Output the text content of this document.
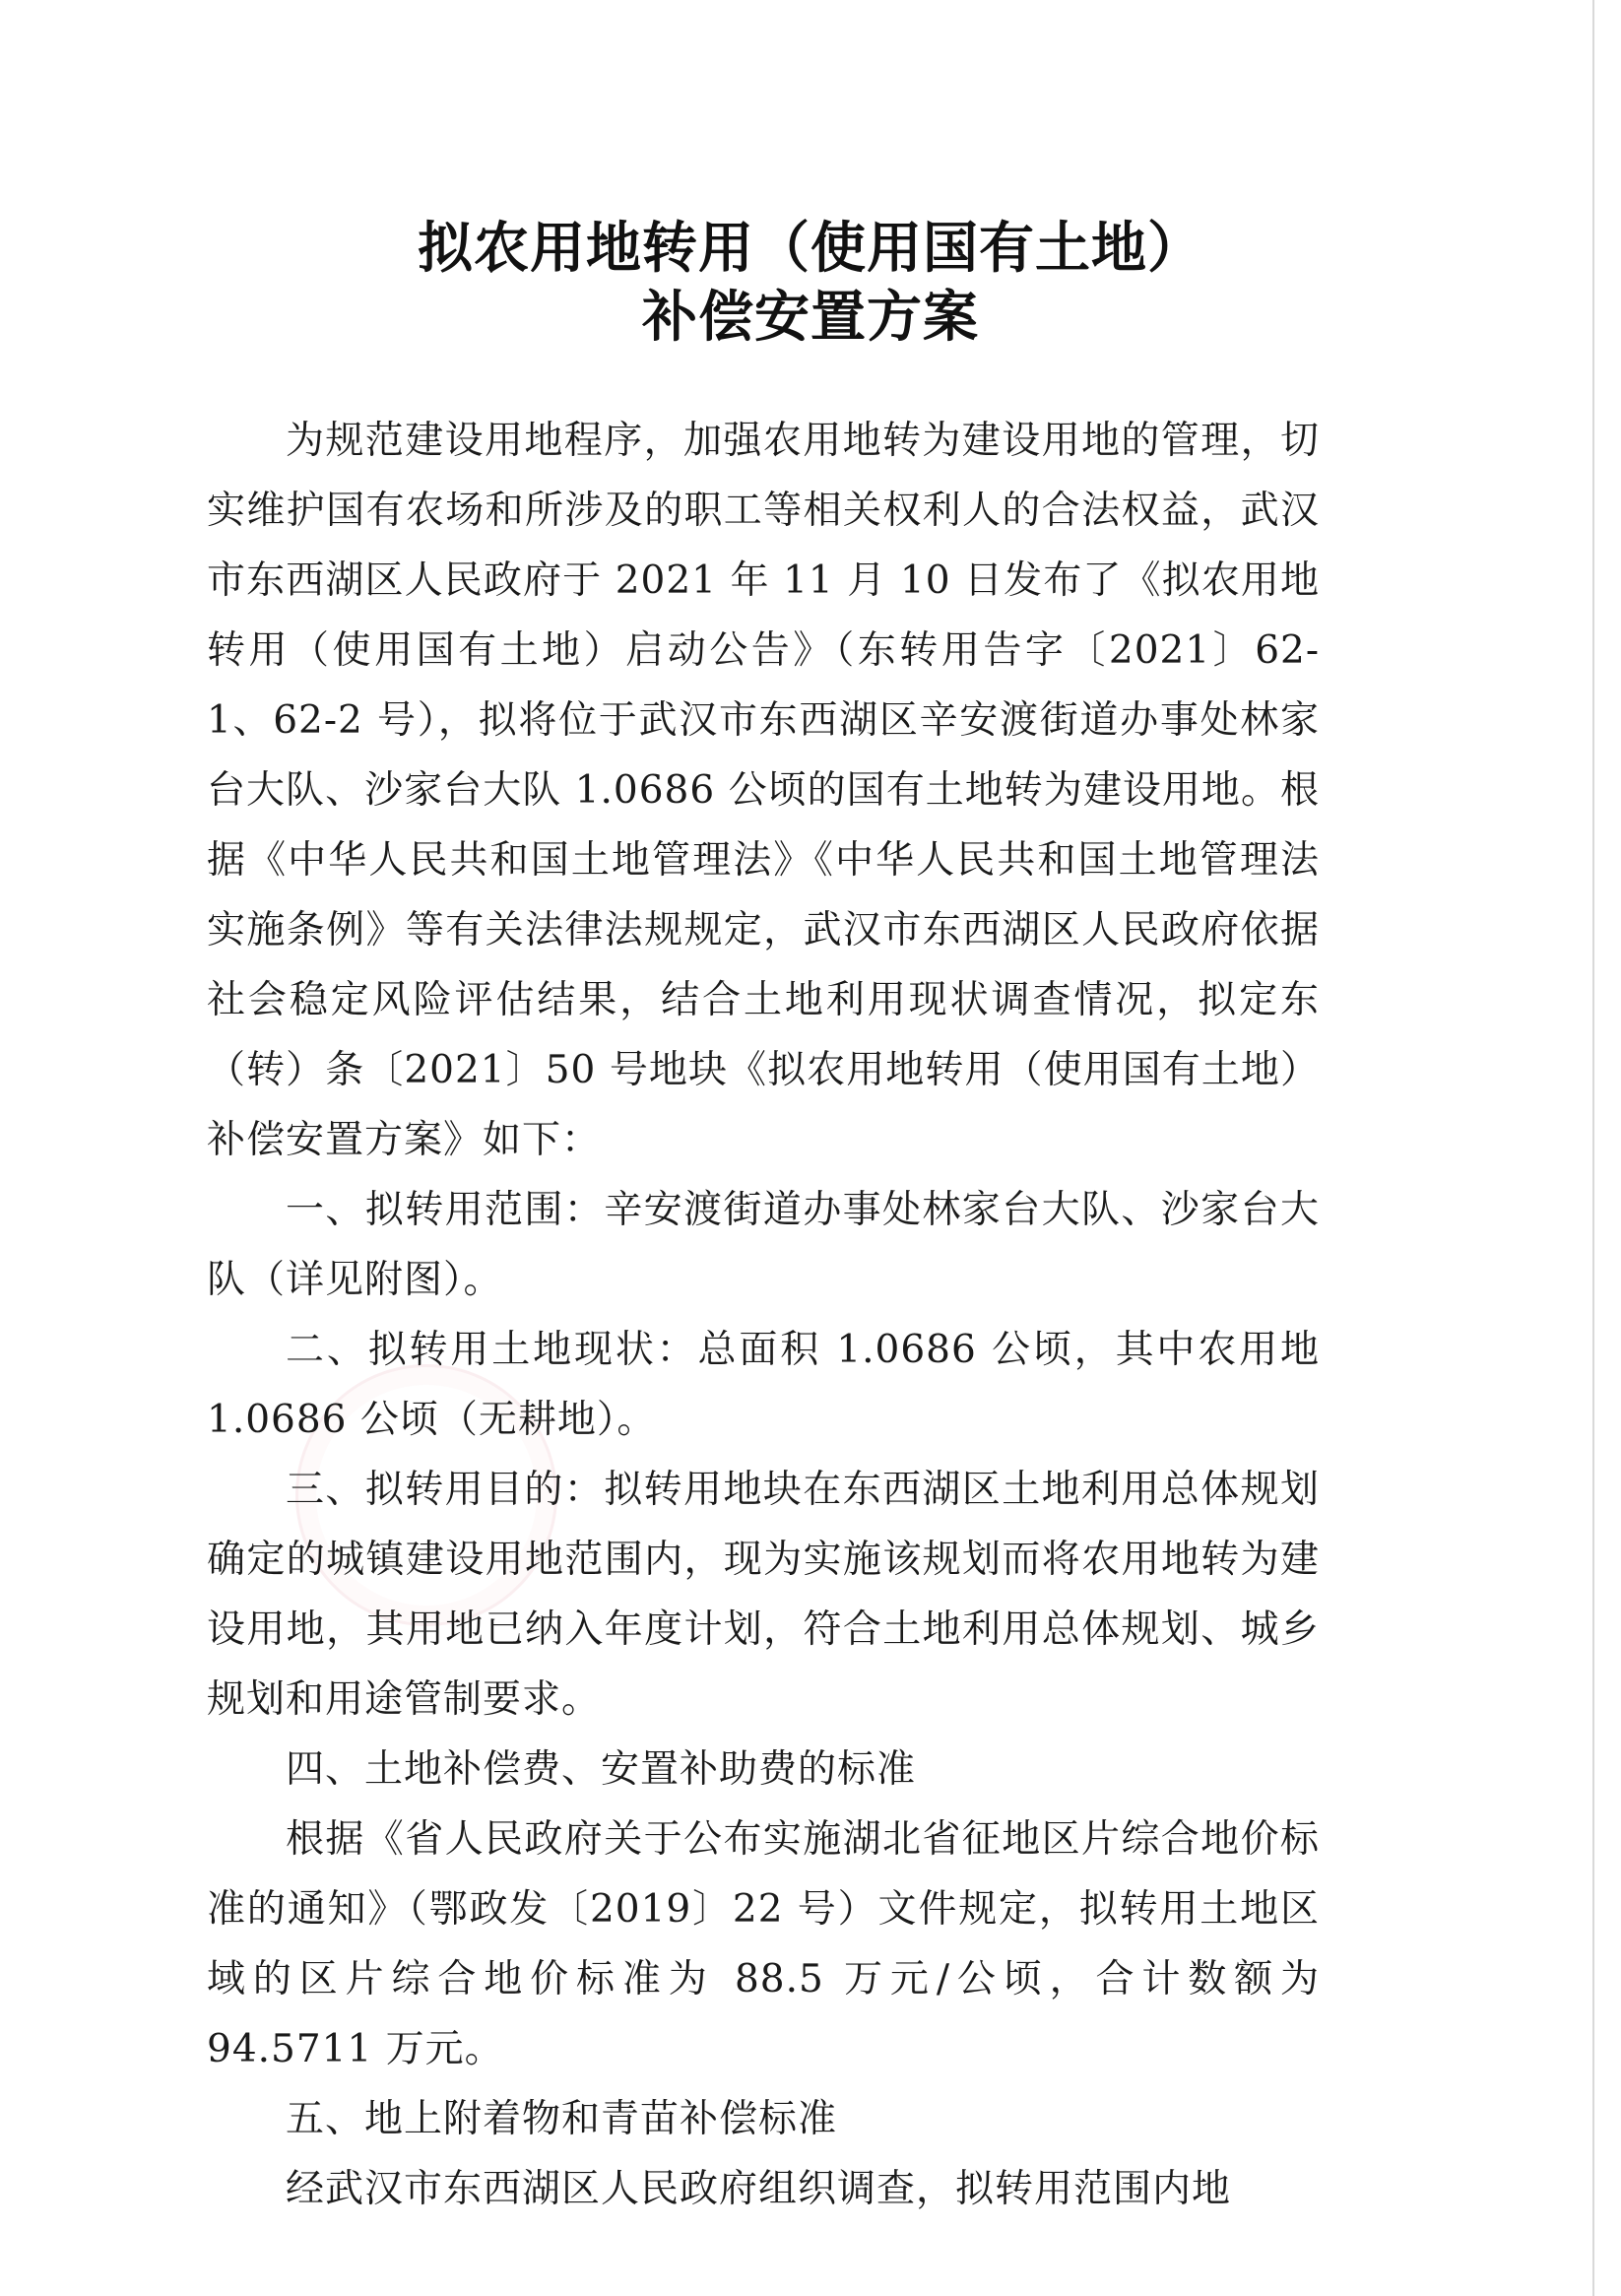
拟农用地转用（使用国有土地）
补偿安置方案

为规范建设用地程序，加强农用地转为建设用地的管理，切实维护国有农场和所涉及的职工等相关权利人的合法权益，武汉市东西湖区人民政府于 2021 年 11 月 10 日发布了《拟农用地转用（使用国有土地）启动公告》（东转用告字〔2021〕62-1、62-2 号），拟将位于武汉市东西湖区辛安渡街道办事处林家台大队、沙家台大队 1.0686 公顷的国有土地转为建设用地。根据《中华人民共和国土地管理法》《中华人民共和国土地管理法实施条例》等有关法律法规规定，武汉市东西湖区人民政府依据社会稳定风险评估结果，结合土地利用现状调查情况，拟定东（转）条〔2021〕50 号地块《拟农用地转用（使用国有土地）补偿安置方案》如下：

一、拟转用范围：辛安渡街道办事处林家台大队、沙家台大队（详见附图）。

二、拟转用土地现状：总面积 1.0686 公顷，其中农用地 1.0686 公顷（无耕地）。

三、拟转用目的：拟转用地块在东西湖区土地利用总体规划确定的城镇建设用地范围内，现为实施该规划而将农用地转为建设用地，其用地已纳入年度计划，符合土地利用总体规划、城乡规划和用途管制要求。

四、土地补偿费、安置补助费的标准

根据《省人民政府关于公布实施湖北省征地区片综合地价标准的通知》（鄂政发〔2019〕22 号）文件规定，拟转用土地区域的区片综合地价标准为 88.5 万元/公顷，合计数额为 94.5711 万元。

五、地上附着物和青苗补偿标准

经武汉市东西湖区人民政府组织调查，拟转用范围内地
